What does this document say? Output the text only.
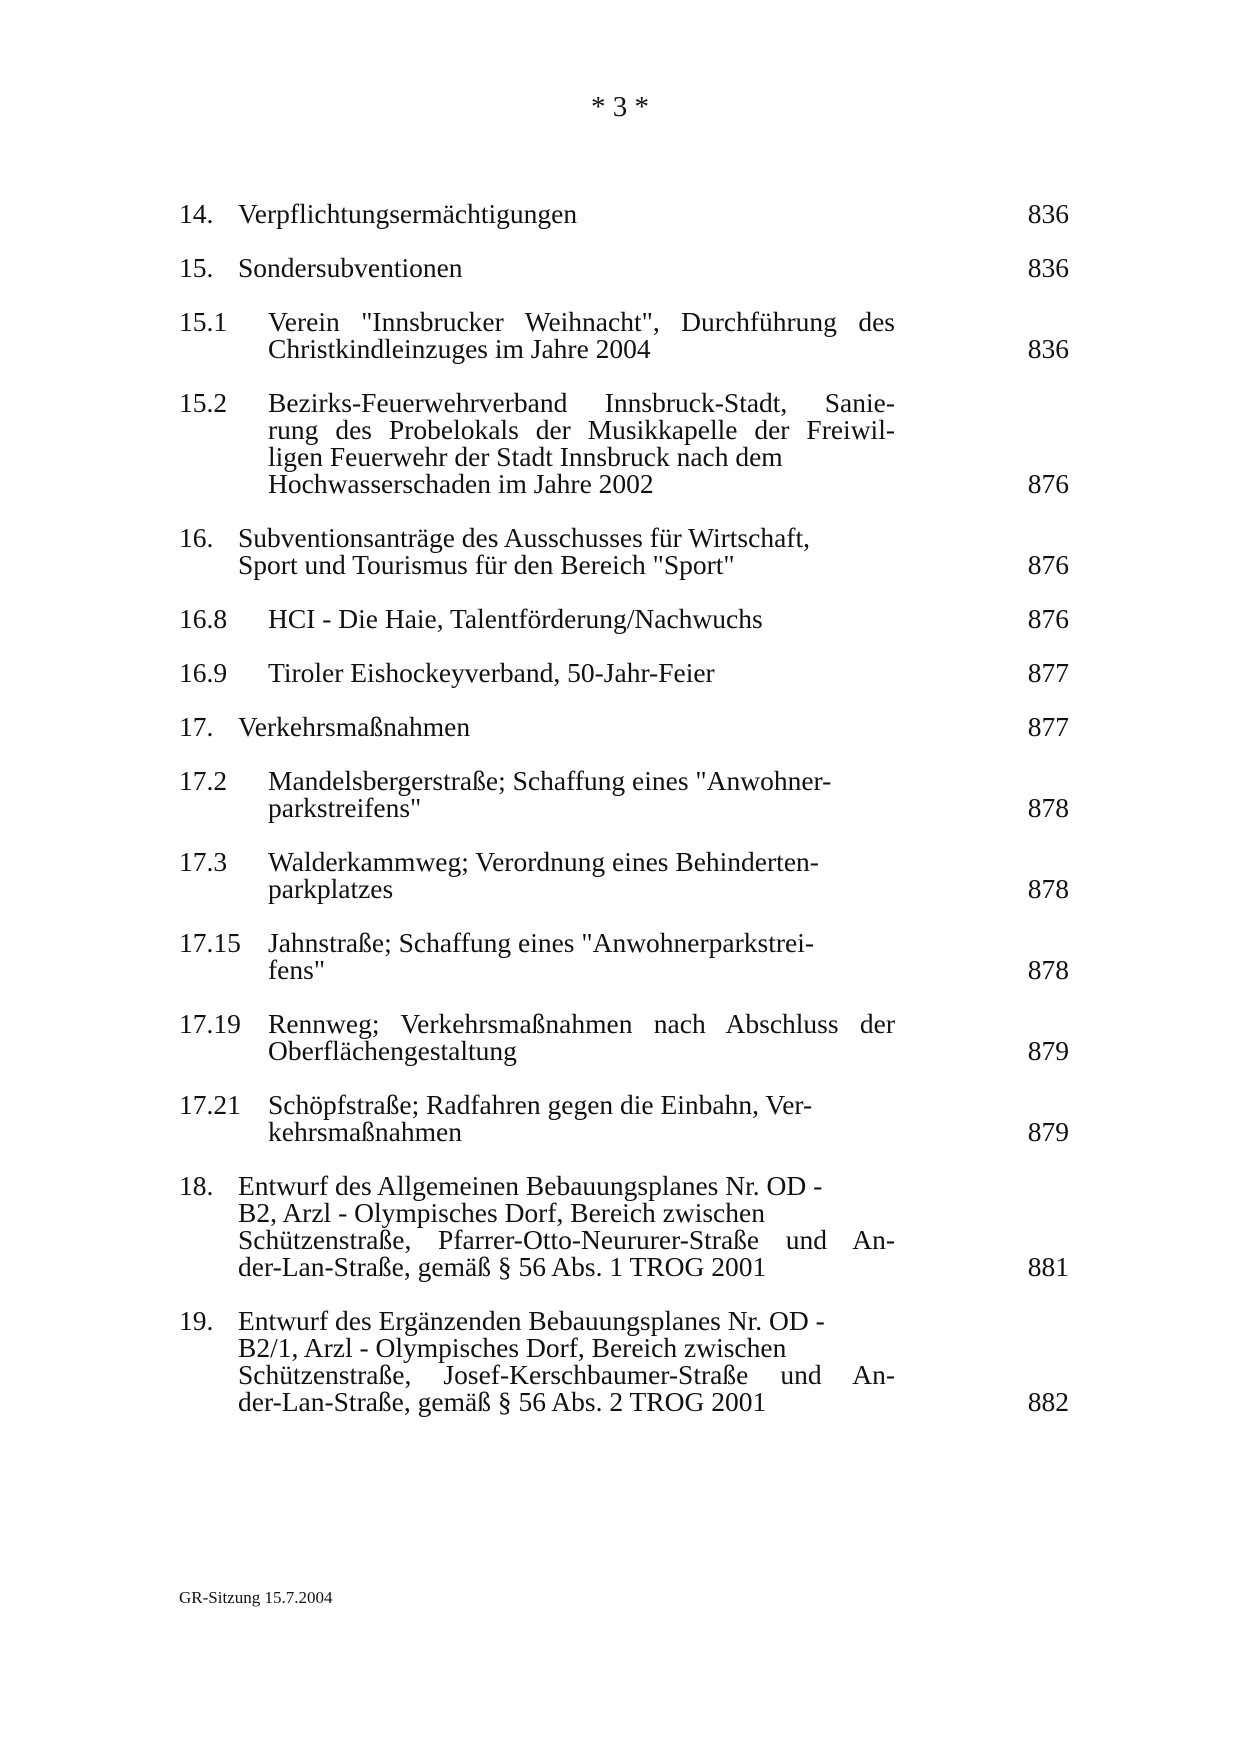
* 3 *
14. Verpflichtungsermächtigungen	836
15. Sondersubventionen	836
15.1 Verein "Innsbrucker Weihnacht", Durchführung des
Christkindleinzuges im Jahre 2004	836
15.2 Bezirks-Feuerwehrverband Innsbruck-Stadt, Sanie-
rung des Probelokals der Musikkapelle der Freiwil-
ligen Feuerwehr der Stadt Innsbruck nach dem
Hochwasserschaden im Jahre 2002	876
16. Subventionsanträge des Ausschusses für Wirtschaft,
Sport und Tourismus für den Bereich "Sport"	876
16.8 HCI - Die Haie, Talentförderung/Nachwuchs	876
16.9 Tiroler Eishockeyverband, 50-Jahr-Feier	877
17. Verkehrsmaßnahmen	877
17.2 Mandelsbergerstraße; Schaffung eines "Anwohner-
parkstreifens"	878
17.3 Walderkammweg; Verordnung eines Behinderten-
parkplatzes	878
17.15 Jahnstraße; Schaffung eines "Anwohnerparkstrei-
fens"	878
17.19 Rennweg; Verkehrsmaßnahmen nach Abschluss der
Oberflächengestaltung	879
17.21 Schöpfstraße; Radfahren gegen die Einbahn, Ver-
kehrsmaßnahmen	879
18. Entwurf des Allgemeinen Bebauungsplanes Nr. OD -
B2, Arzl - Olympisches Dorf, Bereich zwischen
Schützenstraße, Pfarrer-Otto-Neururer-Straße und An-
der-Lan-Straße, gemäß § 56 Abs. 1 TROG 2001	881
19. Entwurf des Ergänzenden Bebauungsplanes Nr. OD -
B2/1, Arzl - Olympisches Dorf, Bereich zwischen
Schützenstraße, Josef-Kerschbaumer-Straße und An-
der-Lan-Straße, gemäß § 56 Abs. 2 TROG 2001	882
GR-Sitzung 15.7.2004
